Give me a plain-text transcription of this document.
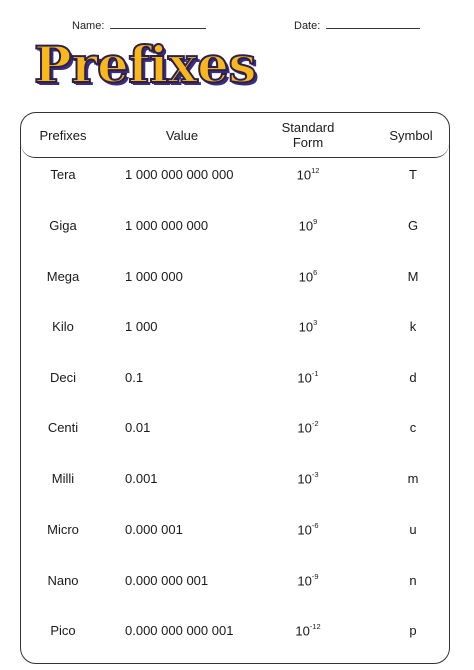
Name:	Date:
Prefixes
Prefixes	Value	Standard Form	Symbol
Tera	1 000 000 000 000	$10^{12}$	T
Giga	1 000 000 000	$10^9$	G
Mega	1 000 000	$10^6$	M
Kilo	1 000	$10^3$	k
Deci	0.1	$10^{-1}$	d
Centi	0.01	$10^{-2}$	c
Milli	0.001	$10^{-3}$	m
Micro	0.000 001	$10^{-6}$	u
Nano	0.000 000 001	$10^{-9}$	n
Pico	0.000 000 000 001	$10^{-12}$	p
